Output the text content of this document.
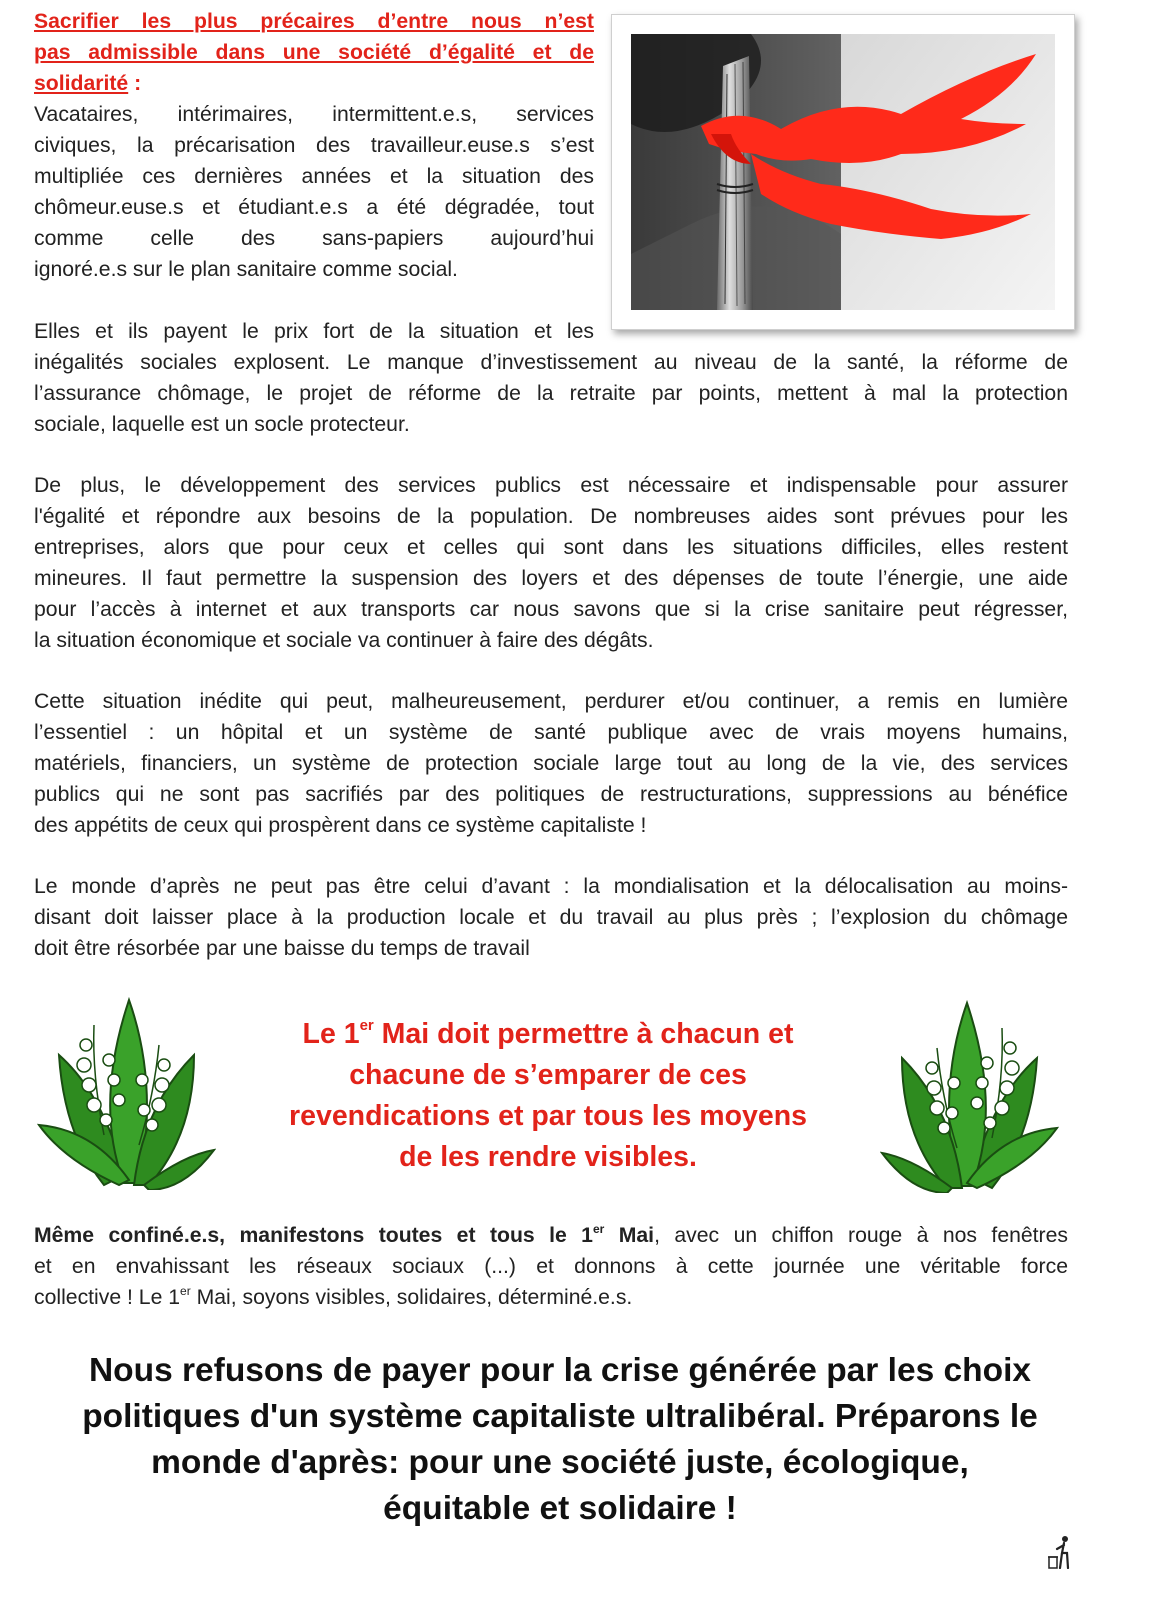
Sacrifier les plus précaires d’entre nous n’est
pas admissible dans une société d’égalité et de
solidarité :
Vacataires, intérimaires, intermittent.e.s, services
civiques, la précarisation des travailleur.euse.s s’est
multipliée ces dernières années et la situation des
chômeur.euse.s et étudiant.e.s a été dégradée, tout
comme celle des sans-papiers aujourd’hui
ignoré.e.s sur le plan sanitaire comme social.
Elles et ils payent le prix fort de la situation et les
inégalités sociales explosent. Le manque d’investissement au niveau de la santé, la réforme de
l’assurance chômage, le projet de réforme de la retraite par points, mettent à mal la protection
sociale, laquelle est un socle protecteur.
De plus, le développement des services publics est nécessaire et indispensable pour assurer
l'égalité et répondre aux besoins de la population. De nombreuses aides sont prévues pour les
entreprises, alors que pour ceux et celles qui sont dans les situations difficiles, elles restent
mineures. Il faut permettre la suspension des loyers et des dépenses de toute l’énergie, une aide
pour l’accès à internet et aux transports car nous savons que si la crise sanitaire peut régresser,
la situation économique et sociale va continuer à faire des dégâts.
Cette situation inédite qui peut, malheureusement, perdurer et/ou continuer, a remis en lumière
l’essentiel : un hôpital et un système de santé publique avec de vrais moyens humains,
matériels, financiers, un système de protection sociale large tout au long de la vie, des services
publics qui ne sont pas sacrifiés par des politiques de restructurations, suppressions au bénéfice
des appétits de ceux qui prospèrent dans ce système capitaliste !
Le monde d’après ne peut pas être celui d’avant : la mondialisation et la délocalisation au moins-
disant doit laisser place à la production locale et du travail au plus près ; l’explosion du chômage
doit être résorbée par une baisse du temps de travail
Le 1er Mai doit permettre à chacun et
chacune de s’emparer de ces
revendications et par tous les moyens
de les rendre visibles.
Même confiné.e.s, manifestons toutes et tous le 1er Mai, avec un chiffon rouge à nos fenêtres
et en envahissant les réseaux sociaux (...) et donnons à cette journée une véritable force
collective ! Le 1er Mai, soyons visibles, solidaires, déterminé.e.s.
Nous refusons de payer pour la crise générée par les choix
politiques d'un système capitaliste ultralibéral. Préparons le
monde d'après: pour une société juste, écologique,
équitable et solidaire !
